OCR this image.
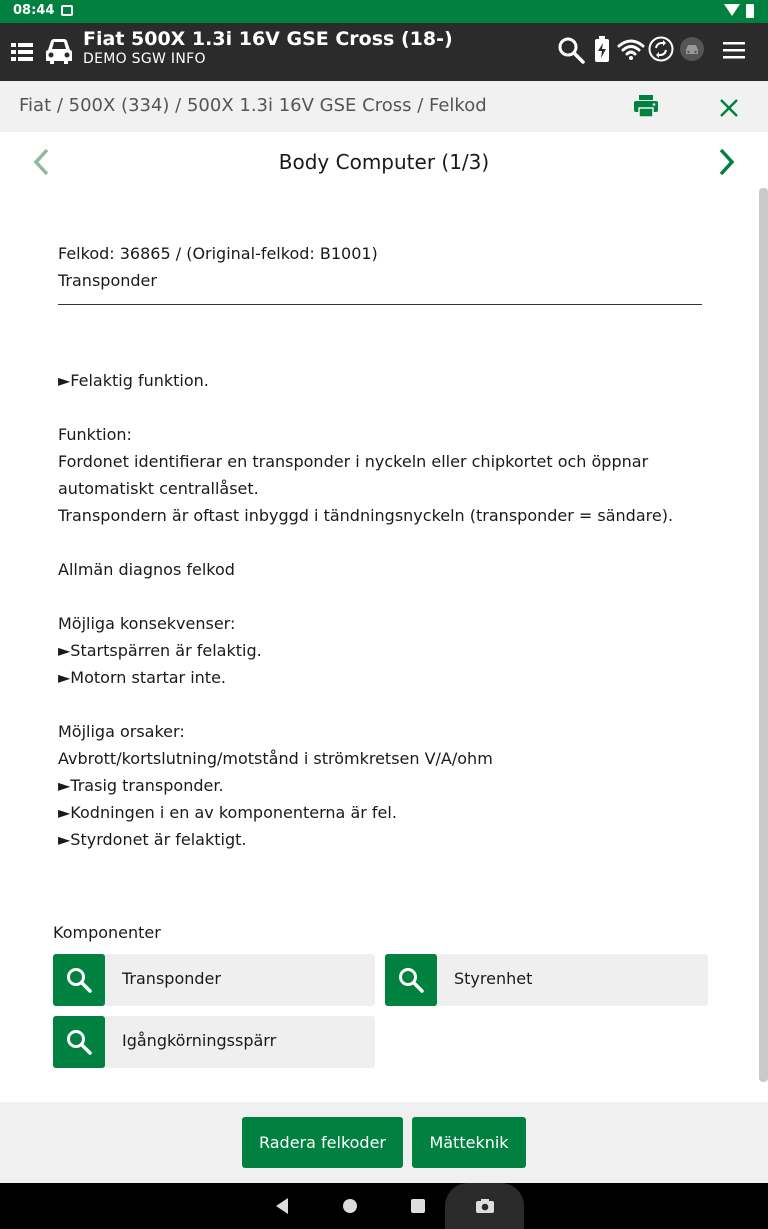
08:44
Fiat 500X 1.3i 16V GSE Cross (18-)
DEMO SGW INFO
Fiat / 500X (334) / 500X 1.3i 16V GSE Cross / Felkod
Body Computer (1/3)
Felkod: 36865 / (Original-felkod: B1001)
Transponder
►Felaktig funktion.
Funktion:
Fordonet identifierar en transponder i nyckeln eller chipkortet och öppnar automatiskt centrallåset.
Transpondern är oftast inbyggd i tändningsnyckeln (transponder = sändare).
Allmän diagnos felkod
Möjliga konsekvenser:
►Startspärren är felaktig.
►Motorn startar inte.
Möjliga orsaker:
Avbrott/kortslutning/motstånd i strömkretsen V/A/ohm
►Trasig transponder.
►Kodningen i en av komponenterna är fel.
►Styrdonet är felaktigt.
Komponenter
Transponder	Styrenhet
Igångkörningsspärr
Radera felkoder	Mätteknik
